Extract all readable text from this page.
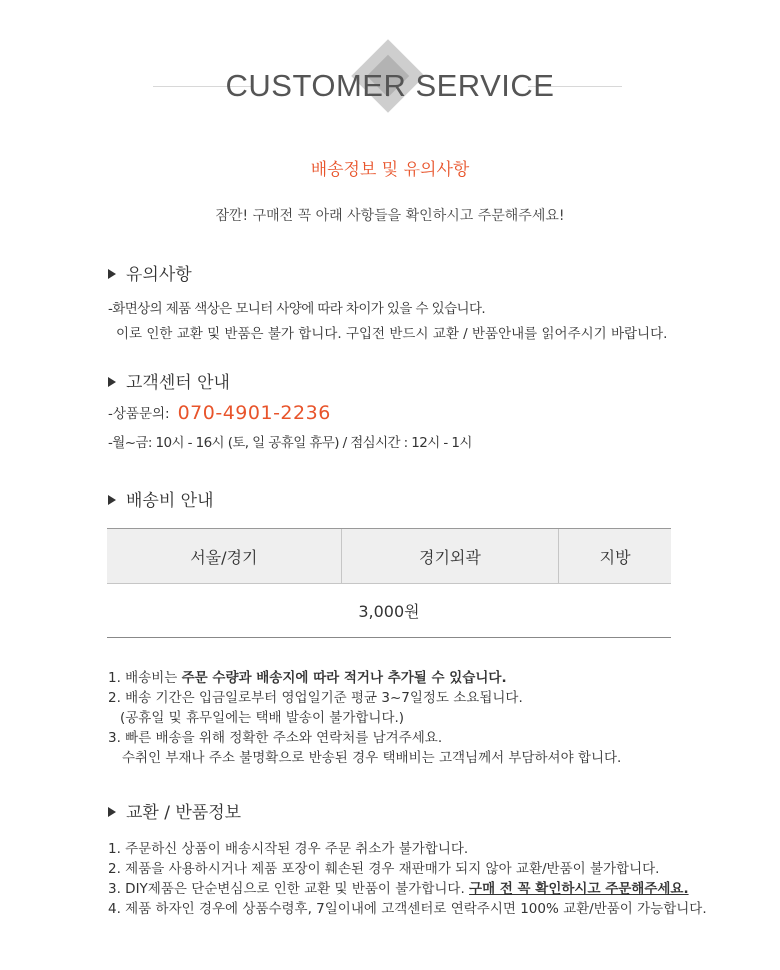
CUSTOMER SERVICE
배송정보 및 유의사항
잠깐! 구매전 꼭 아래 사항들을 확인하시고 주문해주세요!
유의사항
-화면상의 제품 색상은 모니터 사양에 따라 차이가 있을 수 있습니다.
이로 인한 교환 및 반품은 불가 합니다. 구입전 반드시 교환 / 반품안내를 읽어주시기 바랍니다.
고객센터 안내
-상품문의: 070-4901-2236
-월~금: 10시 - 16시 (토, 일 공휴일 휴무) / 점심시간 : 12시 - 1시
배송비 안내
서울/경기	경기외곽	지방
3,000원
1. 배송비는 주문 수량과 배송지에 따라 적거나 추가될 수 있습니다.
2. 배송 기간은 입금일로부터 영업일기준 평균 3~7일정도 소요됩니다.
(공휴일 및 휴무일에는 택배 발송이 불가합니다.)
3. 빠른 배송을 위해 정확한 주소와 연락처를 남겨주세요.
수취인 부재나 주소 불명확으로 반송된 경우 택배비는 고객님께서 부담하셔야 합니다.
교환 / 반품정보
1. 주문하신 상품이 배송시작된 경우 주문 취소가 불가합니다.
2. 제품을 사용하시거나 제품 포장이 훼손된 경우 재판매가 되지 않아 교환/반품이 불가합니다.
3. DIY제품은 단순변심으로 인한 교환 및 반품이 불가합니다. 구매 전 꼭 확인하시고 주문해주세요.
4. 제품 하자인 경우에 상품수령후, 7일이내에 고객센터로 연락주시면 100% 교환/반품이 가능합니다.
